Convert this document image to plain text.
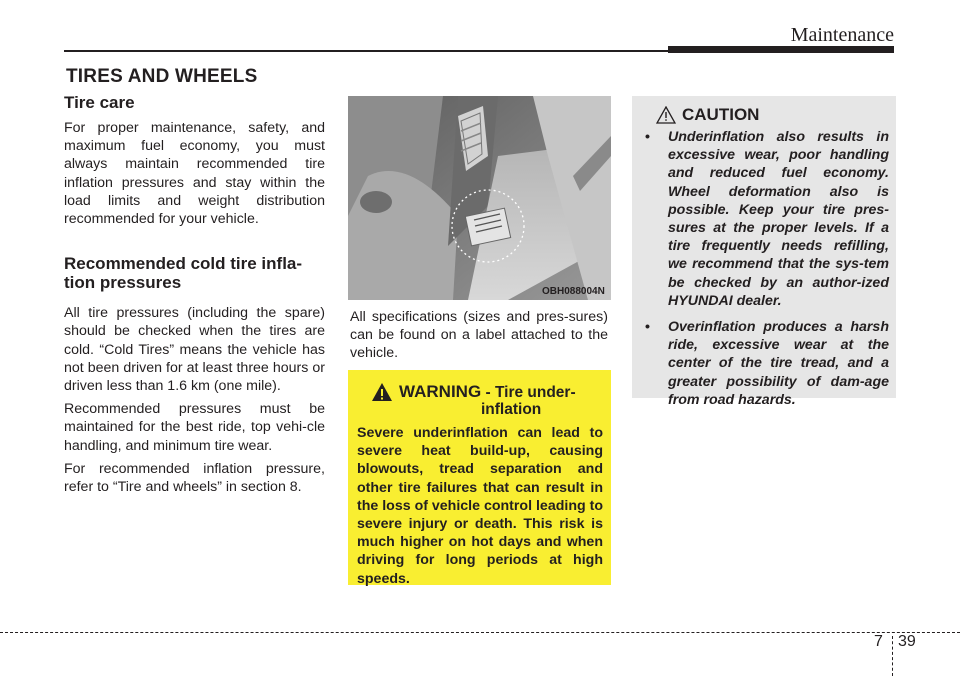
Maintenance
TIRES AND WHEELS
Tire care
For proper maintenance, safety, and maximum fuel economy, you must always maintain recommended tire inflation pressures and stay within the load limits and weight distribution recommended for your vehicle.
Recommended cold tire infla-
tion pressures
All tire pressures (including the spare) should be checked when the tires are cold. “Cold Tires” means the vehicle has not been driven for at least three hours or driven less than 1.6 km (one mile).
Recommended pressures must be maintained for the best ride, top vehi-cle handling, and minimum tire wear.
For recommended inflation pressure, refer to “Tire and wheels” in section 8.
OBH088004N
All specifications (sizes and pres-sures) can be found on a label attached to the vehicle.
WARNING - Tire under-
inflation
Severe underinflation can lead to severe heat build-up, causing blowouts, tread separation and other tire failures that can result in the loss of vehicle control leading to severe injury or death. This risk is much higher on hot days and when driving for long periods at high speeds.
CAUTION
• Underinflation also results in excessive wear, poor handling and reduced fuel economy. Wheel deformation also is possible. Keep your tire pres-sures at the proper levels. If a tire frequently needs refilling, we recommend that the sys-tem be checked by an author-ized HYUNDAI dealer.
• Overinflation produces a harsh ride, excessive wear at the center of the tire tread, and a greater possibility of dam-age from road hazards.
7 39
